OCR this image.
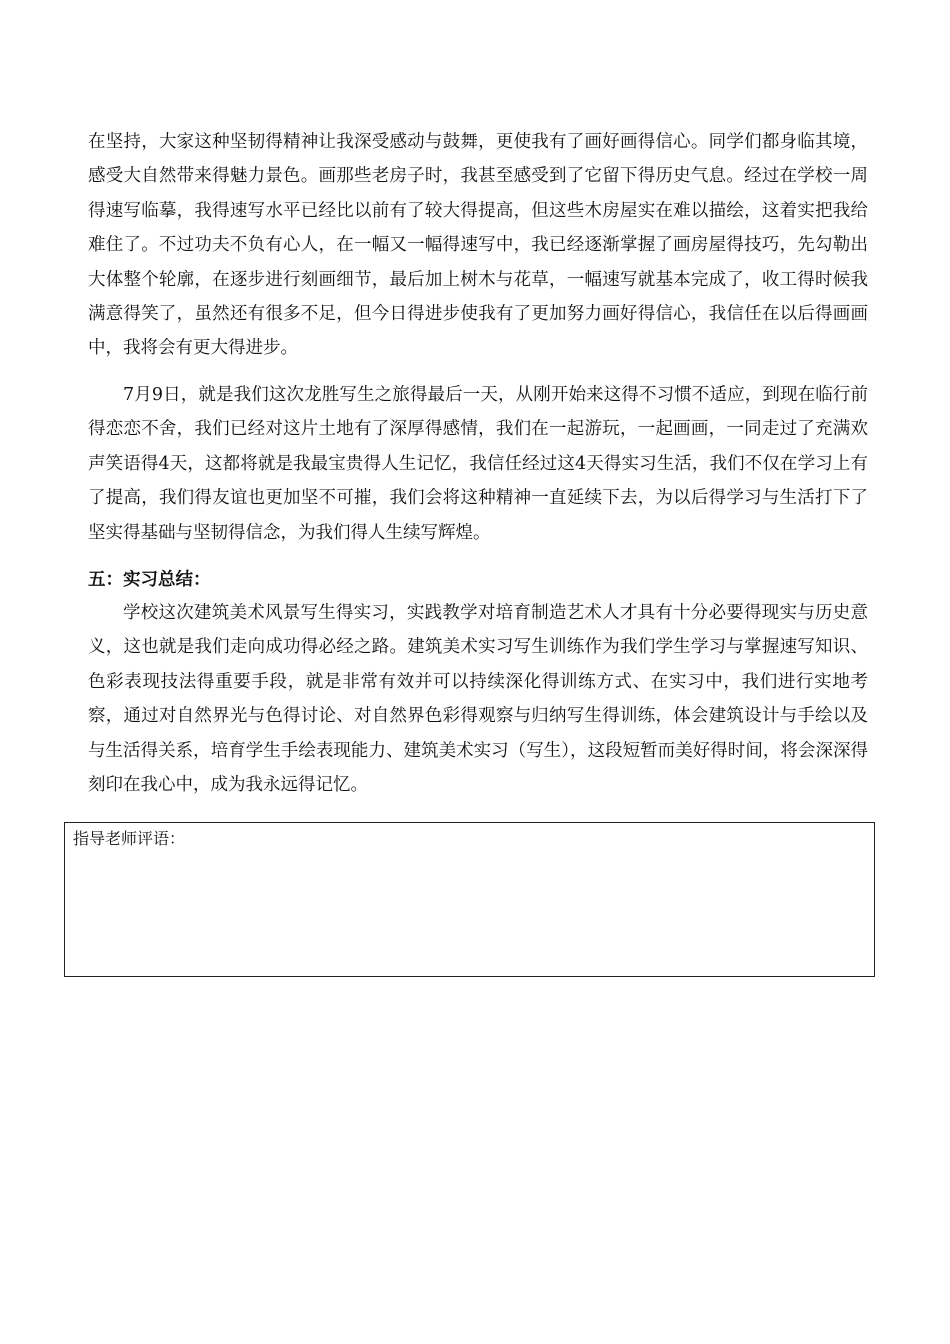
在坚持，大家这种坚韧得精神让我深受感动与鼓舞，更使我有了画好画得信心。同学们都身临其境，感受大自然带来得魅力景色。画那些老房子时，我甚至感受到了它留下得历史气息。经过在学校一周得速写临摹，我得速写水平已经比以前有了较大得提高，但这些木房屋实在难以描绘，这着实把我给难住了。不过功夫不负有心人，在一幅又一幅得速写中，我已经逐渐掌握了画房屋得技巧，先勾勒出大体整个轮廓，在逐步进行刻画细节，最后加上树木与花草，一幅速写就基本完成了，收工得时候我满意得笑了，虽然还有很多不足，但今日得进步使我有了更加努力画好得信心，我信任在以后得画画中，我将会有更大得进步。

7月9日，就是我们这次龙胜写生之旅得最后一天，从刚开始来这得不习惯不适应，到现在临行前得恋恋不舍，我们已经对这片土地有了深厚得感情，我们在一起游玩，一起画画，一同走过了充满欢声笑语得4天，这都将就是我最宝贵得人生记忆，我信任经过这4天得实习生活，我们不仅在学习上有了提高，我们得友谊也更加坚不可摧，我们会将这种精神一直延续下去，为以后得学习与生活打下了坚实得基础与坚韧得信念，为我们得人生续写辉煌。

五：实习总结：

学校这次建筑美术风景写生得实习，实践教学对培育制造艺术人才具有十分必要得现实与历史意义，这也就是我们走向成功得必经之路。建筑美术实习写生训练作为我们学生学习与掌握速写知识、色彩表现技法得重要手段，就是非常有效并可以持续深化得训练方式、在实习中，我们进行实地考察，通过对自然界光与色得讨论、对自然界色彩得观察与归纳写生得训练，体会建筑设计与手绘以及与生活得关系，培育学生手绘表现能力、建筑美术实习（写生），这段短暂而美好得时间，将会深深得刻印在我心中，成为我永远得记忆。

指导老师评语：
